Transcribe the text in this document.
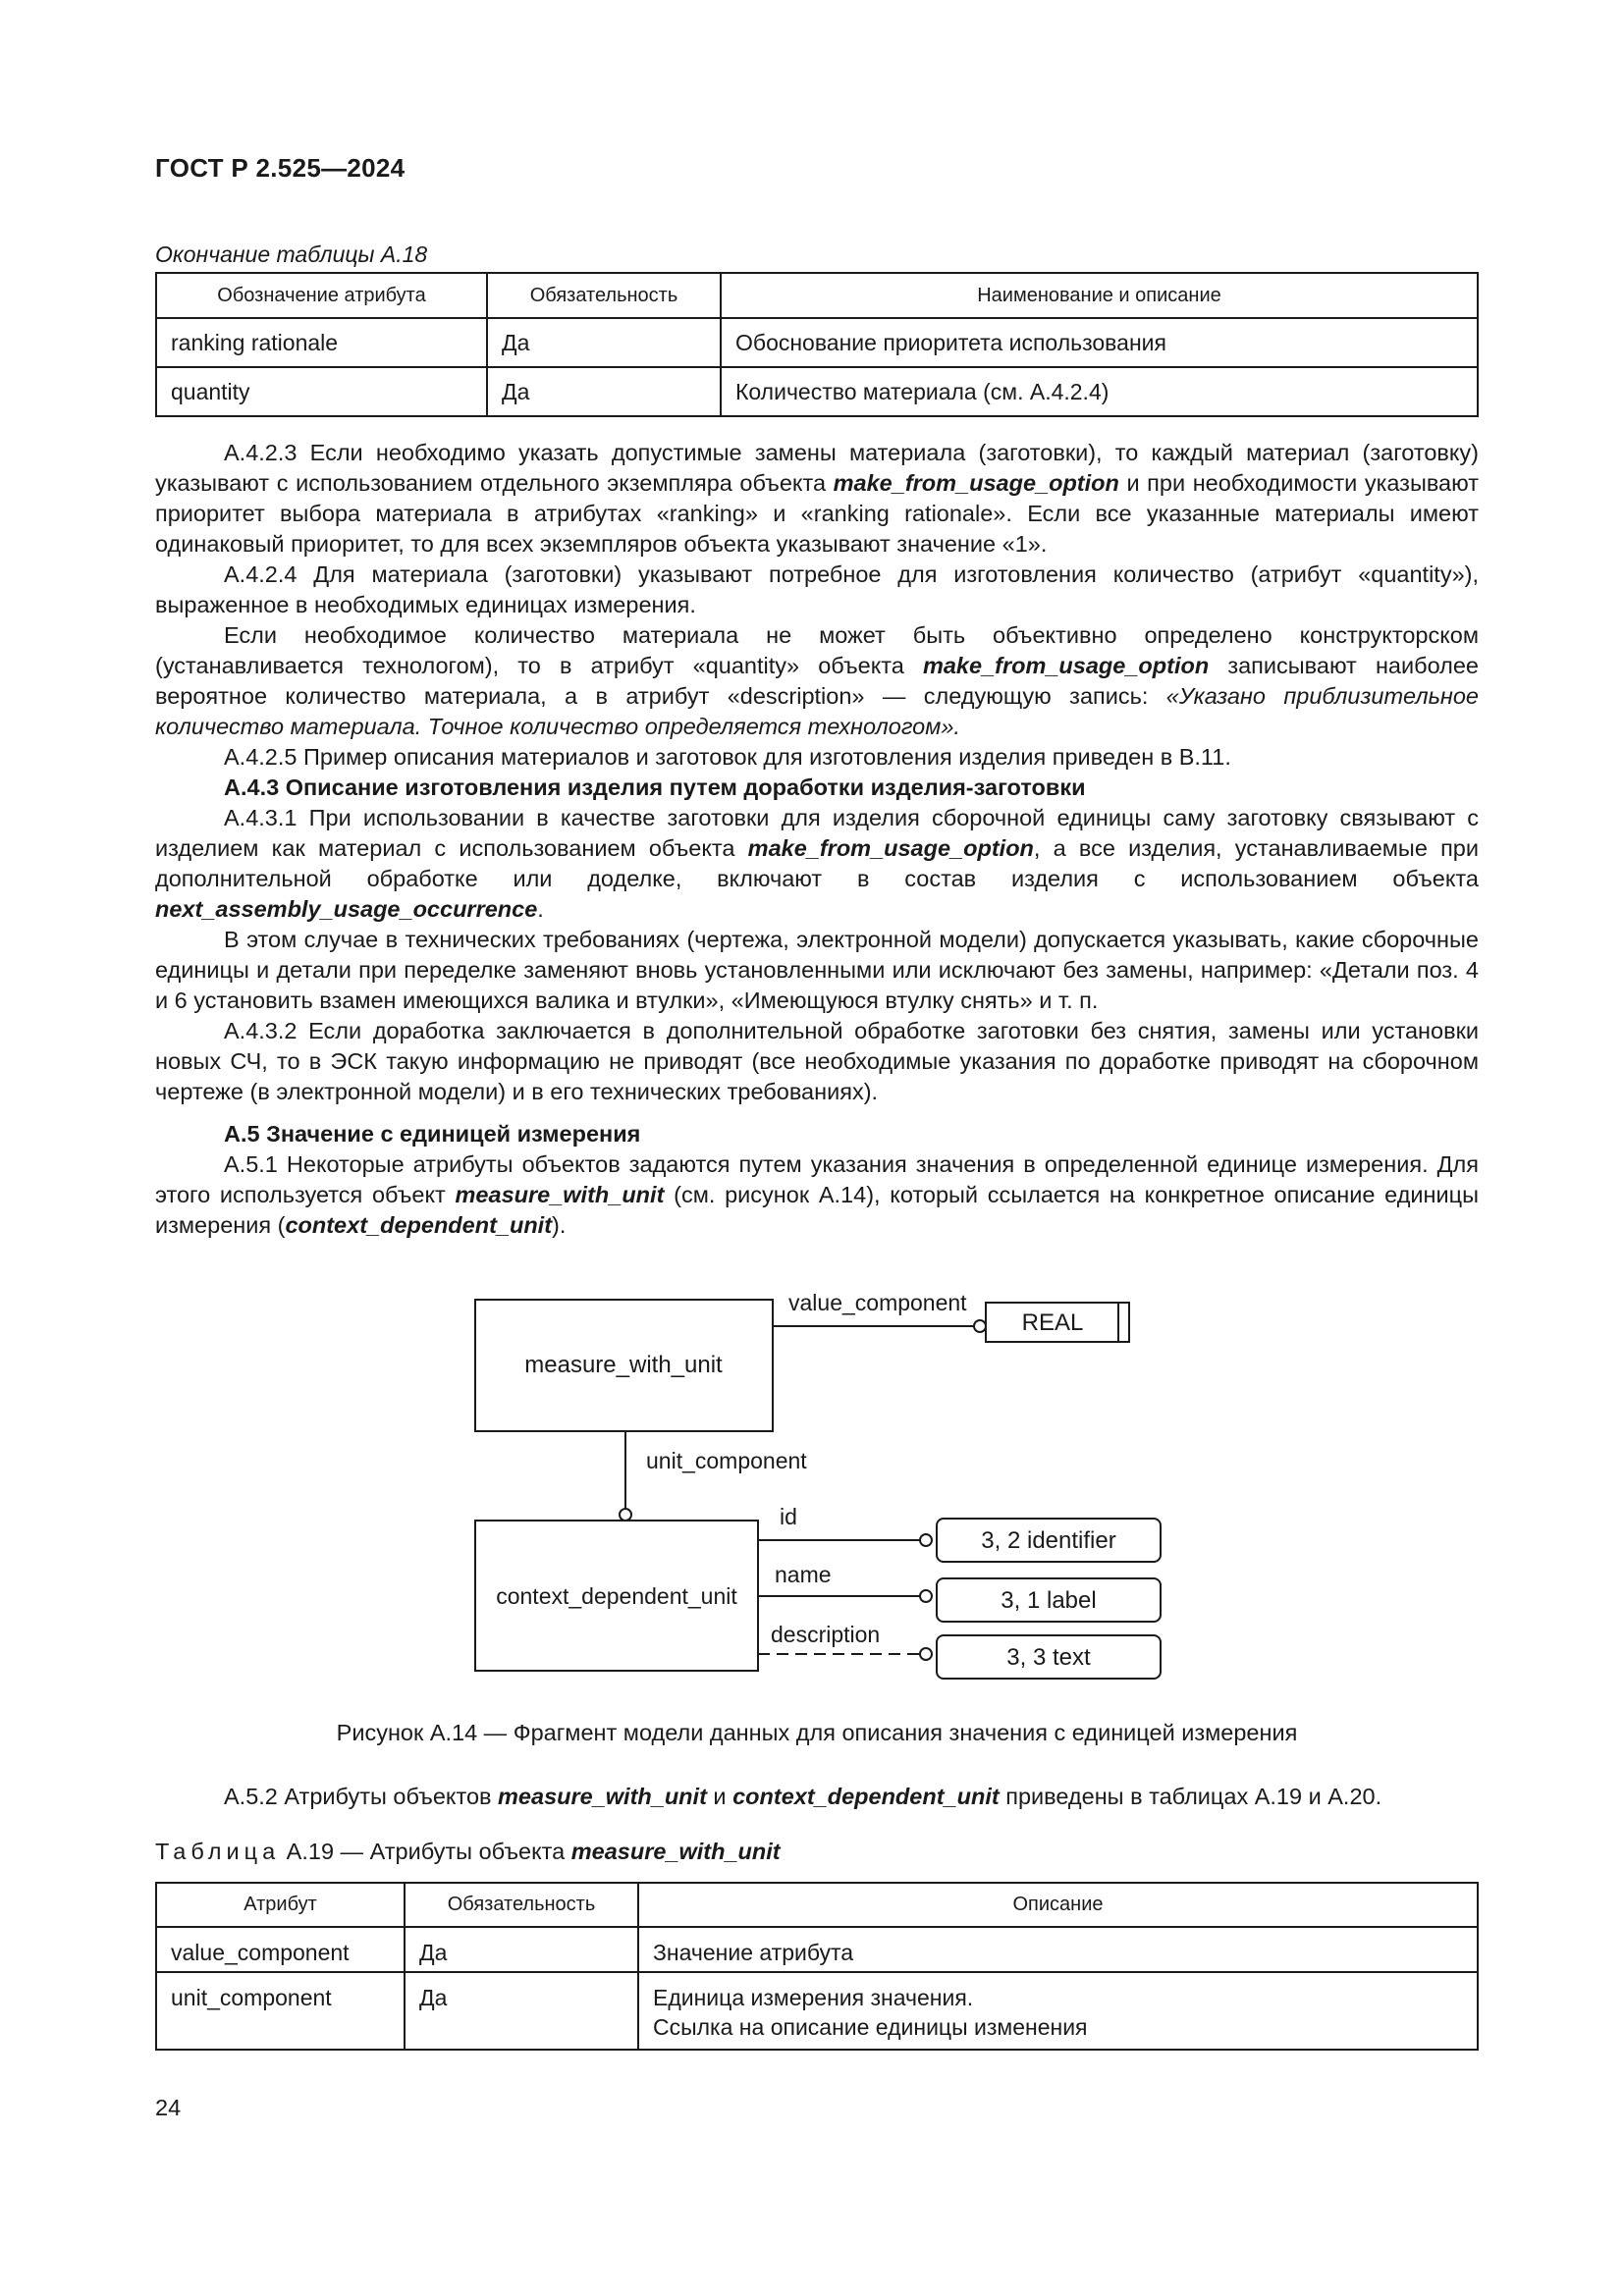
ГОСТ Р 2.525—2024
Окончание таблицы А.18
Обозначение атрибута	Обязательность	Наименование и описание
ranking rationale	Да	Обоснование приоритета использования
quantity	Да	Количество материала (см. А.4.2.4)

А.4.2.3 Если необходимо указать допустимые замены материала (заготовки), то каждый материал (заготовку) указывают с использованием отдельного экземпляра объекта make_from_usage_option и при необходимости указывают приоритет выбора материала в атрибутах «ranking» и «ranking rationale». Если все указанные материалы имеют одинаковый приоритет, то для всех экземпляров объекта указывают значение «1».

А.4.2.4 Для материала (заготовки) указывают потребное для изготовления количество (атрибут «quantity»), выраженное в необходимых единицах измерения.

Если необходимое количество материала не может быть объективно определено конструкторском (устанавливается технологом), то в атрибут «quantity» объекта make_from_usage_option записывают наиболее вероятное количество материала, а в атрибут «description» — следующую запись: «Указано приблизительное количество материала. Точное количество определяется технологом».

А.4.2.5 Пример описания материалов и заготовок для изготовления изделия приведен в В.11.

А.4.3 Описание изготовления изделия путем доработки изделия-заготовки

А.4.3.1 При использовании в качестве заготовки для изделия сборочной единицы саму заготовку связывают с изделием как материал с использованием объекта make_from_usage_option, а все изделия, устанавливаемые при дополнительной обработке или доделке, включают в состав изделия с использованием объекта next_assembly_usage_occurrence.

В этом случае в технических требованиях (чертежа, электронной модели) допускается указывать, какие сборочные единицы и детали при переделке заменяют вновь установленными или исключают без замены, например: «Детали поз. 4 и 6 установить взамен имеющихся валика и втулки», «Имеющуюся втулку снять» и т. п.

А.4.3.2 Если доработка заключается в дополнительной обработке заготовки без снятия, замены или установки новых СЧ, то в ЭСК такую информацию не приводят (все необходимые указания по доработке приводят на сборочном чертеже (в электронной модели) и в его технических требованиях).

А.5 Значение с единицей измерения

А.5.1 Некоторые атрибуты объектов задаются путем указания значения в определенной единице измерения. Для этого используется объект measure_with_unit (см. рисунок А.14), который ссылается на конкретное описание единицы измерения (context_dependent_unit).

measure_with_unit
value_component
REAL
unit_component
context_dependent_unit
id
3, 2 identifier
name
3, 1 label
description
3, 3 text
Рисунок А.14 — Фрагмент модели данных для описания значения с единицей измерения
А.5.2 Атрибуты объектов measure_with_unit и context_dependent_unit приведены в таблицах А.19 и А.20.
Таблица А.19 — Атрибуты объекта measure_with_unit
Атрибут	Обязательность	Описание
value_component	Да	Значение атрибута

unit_component	Да	Единица измерения значения.
Ссылка на описание единицы изменения
24
